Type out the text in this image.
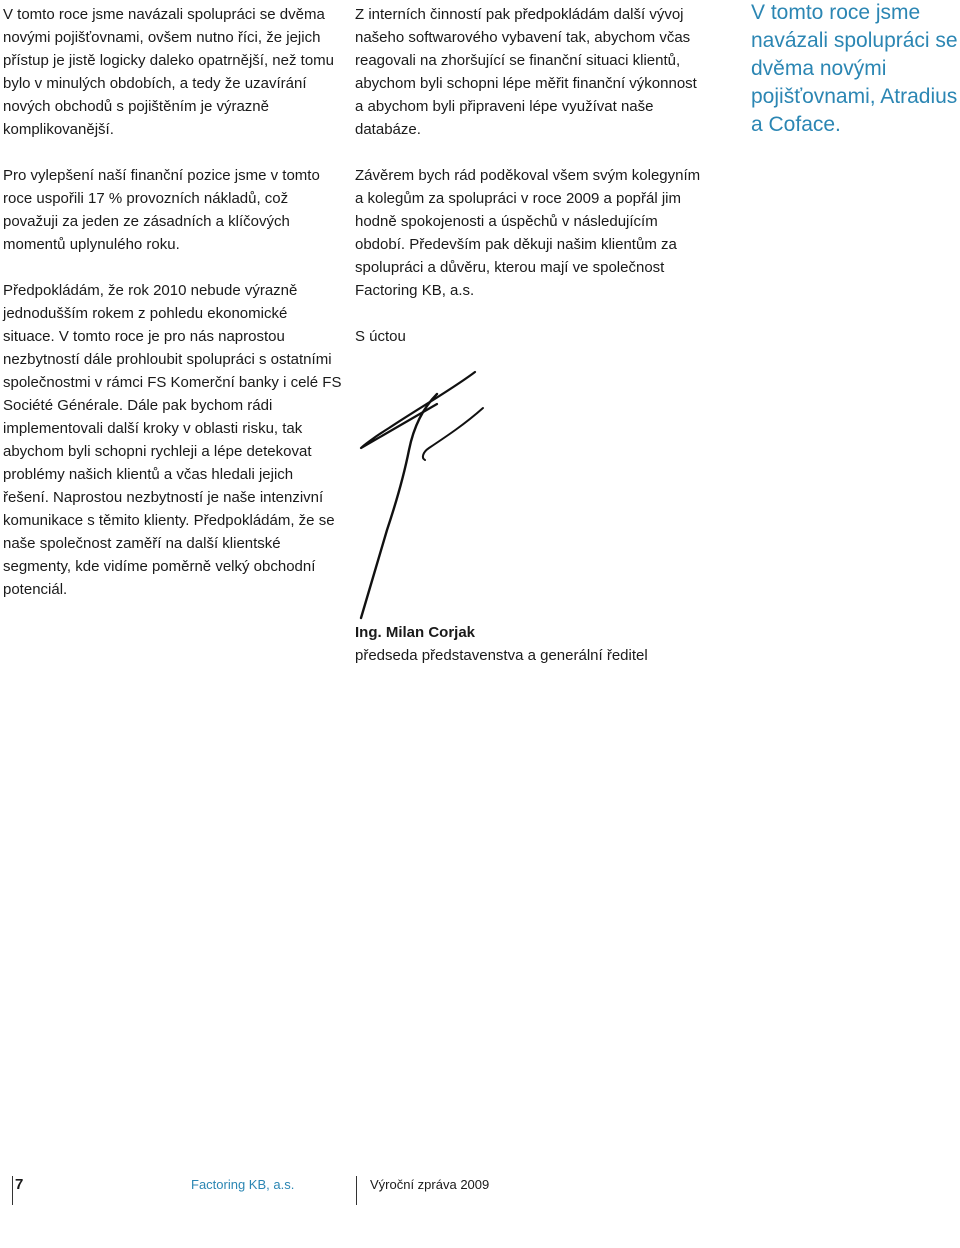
V tomto roce jsme navázali spolupráci se dvěma novými pojišťovnami, ovšem nutno říci, že jejich přístup je jistě logicky daleko opatrnější, než tomu bylo v minulých obdobích, a tedy že uzavírání nových obchodů s pojištěním je výrazně komplikovanější.

Pro vylepšení naší finanční pozice jsme v tomto roce uspořili 17 % provozních nákladů, což považuji za jeden ze zásadních a klíčových momentů uplynulého roku.

Předpokládám, že rok 2010 nebude výrazně jednodušším rokem z pohledu ekonomické situace. V tomto roce je pro nás naprostou nezbytností dále prohloubit spolupráci s ostatními společnostmi v rámci FS Komerční banky i celé FS Société Générale. Dále pak bychom rádi implementovali další kroky v oblasti risku, tak abychom byli schopni rychleji a lépe detekovat problémy našich klientů a včas hledali jejich řešení. Naprostou nezbytností je naše intenzivní komunikace s těmito klienty. Předpokládám, že se naše společnost zaměří na další klientské segmenty, kde vidíme poměrně velký obchodní potenciál.

Z interních činností pak předpokládám další vývoj našeho softwarového vybavení tak, abychom včas reagovali na zhoršující se finanční situaci klientů, abychom byli schopni lépe měřit finanční výkonnost a abychom byli připraveni lépe využívat naše databáze.

Závěrem bych rád poděkoval všem svým kolegyním a kolegům za spolupráci v roce 2009 a popřál jim hodně spokojenosti a úspěchů v následujícím období. Především pak děkuji našim klientům za spolupráci a důvěru, kterou mají ve společnost Factoring KB, a.s.

S úctou

Ing. Milan Corjak

předseda představenstva a generální ředitel

V tomto roce jsme navázali spolupráci se dvěma novými pojišťovnami, Atradius a Coface.

7	Factoring KB, a.s.	Výroční zpráva 2009
